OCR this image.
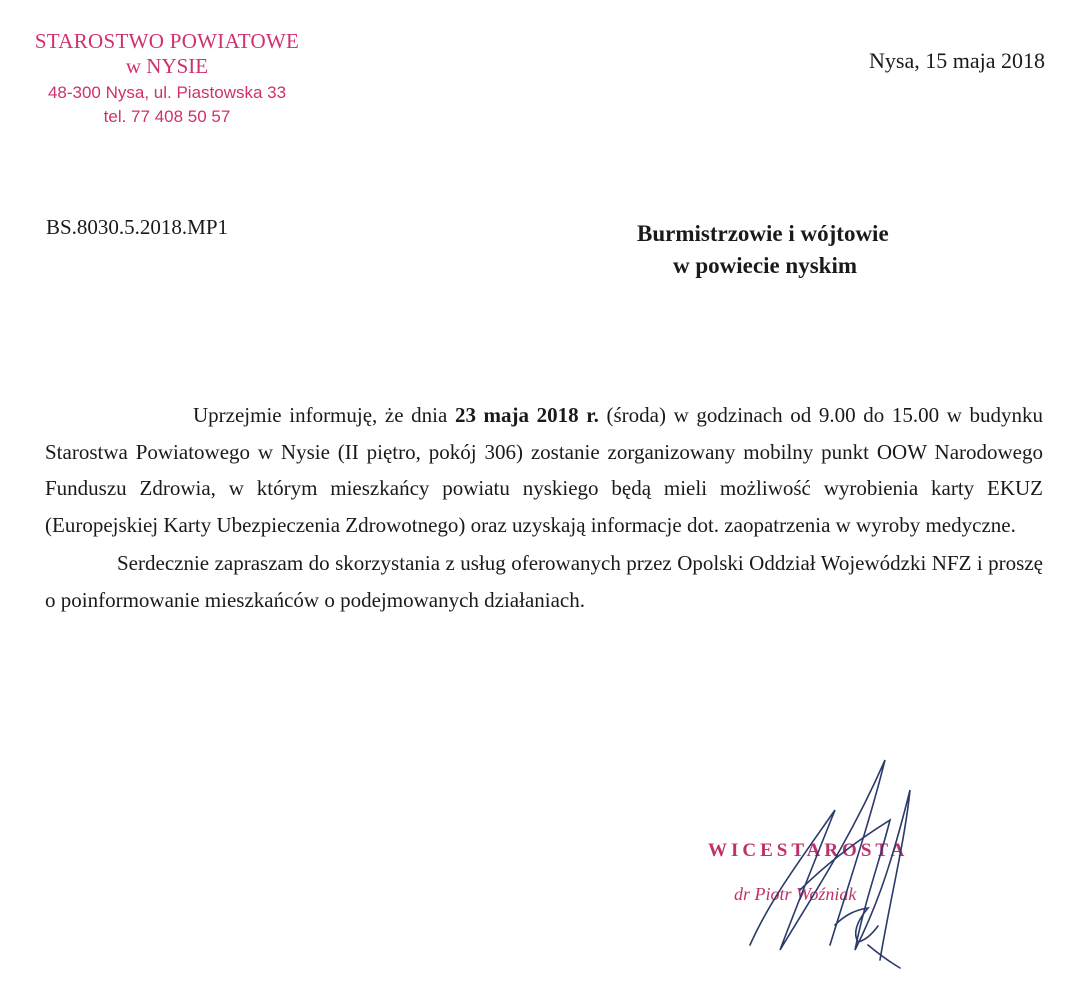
STAROSTWO POWIATOWE
w NYSIE
48-300 Nysa, ul. Piastowska 33
tel. 77 408 50 57
Nysa, 15 maja 2018
BS.8030.5.2018.MP1	Burmistrzowie i wójtowie
w powiecie nyskim

Uprzejmie informuję, że dnia 23 maja 2018 r. (środa) w godzinach od 9.00 do 15.00 w budynku Starostwa Powiatowego w Nysie (II piętro, pokój 306) zostanie zorganizowany mobilny punkt OOW Narodowego Funduszu Zdrowia, w którym mieszkańcy powiatu nyskiego będą mieli możliwość wyrobienia karty EKUZ (Europejskiej Karty Ubezpieczenia Zdrowotnego) oraz uzyskają informacje dot. zaopatrzenia w wyroby medyczne.

Serdecznie zapraszam do skorzystania z usług oferowanych przez Opolski Oddział Wojewódzki NFZ i proszę o poinformowanie mieszkańców o podejmowanych działaniach.

WICESTAROSTA
dr Piotr Woźniak
